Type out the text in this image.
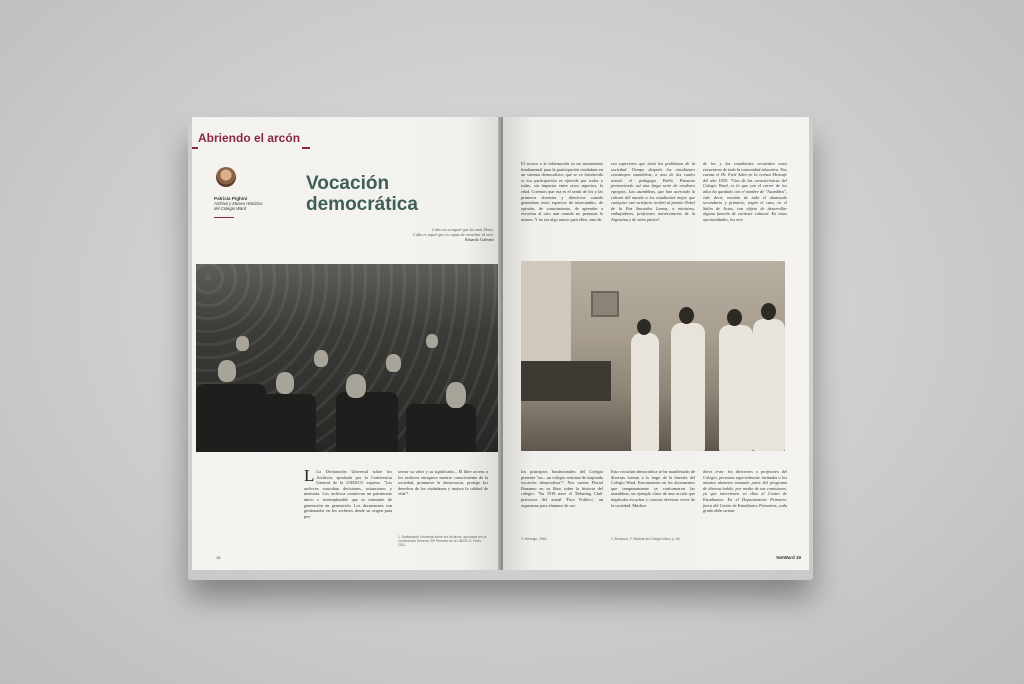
Abriendo el arcón
Patricia Pighini
Archivo y Museo Histórico
del Colegio Ward
Vocación
democrática
Culto no es aquel que lee más libros.
Culto es aquel que es capaz de escuchar al otro.
Eduardo Galeano
L La Declaración Universal sobre los Archivos, aprobada por la Conferencia General de la UNESCO expresa: "Los archivos custodian decisiones, actuaciones y memoria. Los archivos conservan un patrimonio único e irreemplazable que se transmite de generación en generación. Los documentos son gestionados en los archivos desde su origen para pre-
servar su valor y su significado... El libre acceso a los archivos enriquece nuestro conocimiento de la sociedad, promueve la democracia, protege los derechos de los ciudadanos y mejora la calidad de vida"¹.
1. Declaración Universal sobre los Archivos, aprobada por la Conferencia General, 36ª Reunión de la UNESCO, París, 2011.
18
El acceso a la información es un instrumento fundamental para la participación ciudadana en un sistema democrático, que se ve fortalecido si esa participación es ejercida por todos y todas, sin importar entre otros aspectos, la edad. Creemos que esa es el sentir de los y las primeros docentes y directivos cuando generaban estos espacios de intercambio, de opinión, de conocimiento, de aprender a escuchar al otro aun cuando no pensaras lo mismo. Y no era algo nuevo para ellos, sino de
eso superiores que traía los problemas de la sociedad. Tiempo después los estudiantes constituyen asambleas, a una de las cuales asistió el pedagogo Pablo Pizzurno promoviendo así una larga serie de oradores egregios. Las asambleas, que han acercado la cultura del mundo a los estudiantes mejor que cualquier otro artefacto recibió al premio Nobel de la Paz Saavedra Lamas, a ministros, embajadores, profesores universitarios de la Argentina y de otros países².
de los y las estudiantes recuerdan estos encuentros de toda la comunidad educativa. Nos cuenta el Dr. Fred Aden en la revista Mensaje del año 1955: "Una de las características del Colegio Ward, es lo que con el correr de los años ha quedado con el nombre de "Asamblea", vale decir, reunión de todo el alumnado secundario y primario, según el caso, en el Salón de Actos, con objeto de desarrollar alguna función de carácter cultural. En estas oportunidades, los ora-
los principios fundacionales del Colegio presente "un... un colegio cristiano de inspirada vocación democrática"³. Nos cuenta Florial Bonanno en su libro sobre la historia del colegio: "En 1918 nace el 'Debating Club' precursor del actual 'Foro Político', un organismo para alumnos de cur-
Esta vocación democrática se ha manifestado de diversas formas a lo largo de la historia del Colegio Ward. Encontramos en los documentos que tempranamente se conformaron las asambleas, un ejemplo claro de una acción que implicaba escuchar y conocer diversas voces de la sociedad. Muchos
dores eran: los directores o profesores del Colegio, personas especialmente invitadas o los mismos alumnos tomando parte del programa de diversa índole, por medio de sus comisiones, ya que intervienen en ellas el Centro de Estudiantes. En el Departamento Primario, fuera del Centro de Estudiantes Primarios, cada grado debe actuar
2. Bonanno, F. Historia del Colegio Ward, p. 86.
3. Mensaje, 1955.
NetWard 19
